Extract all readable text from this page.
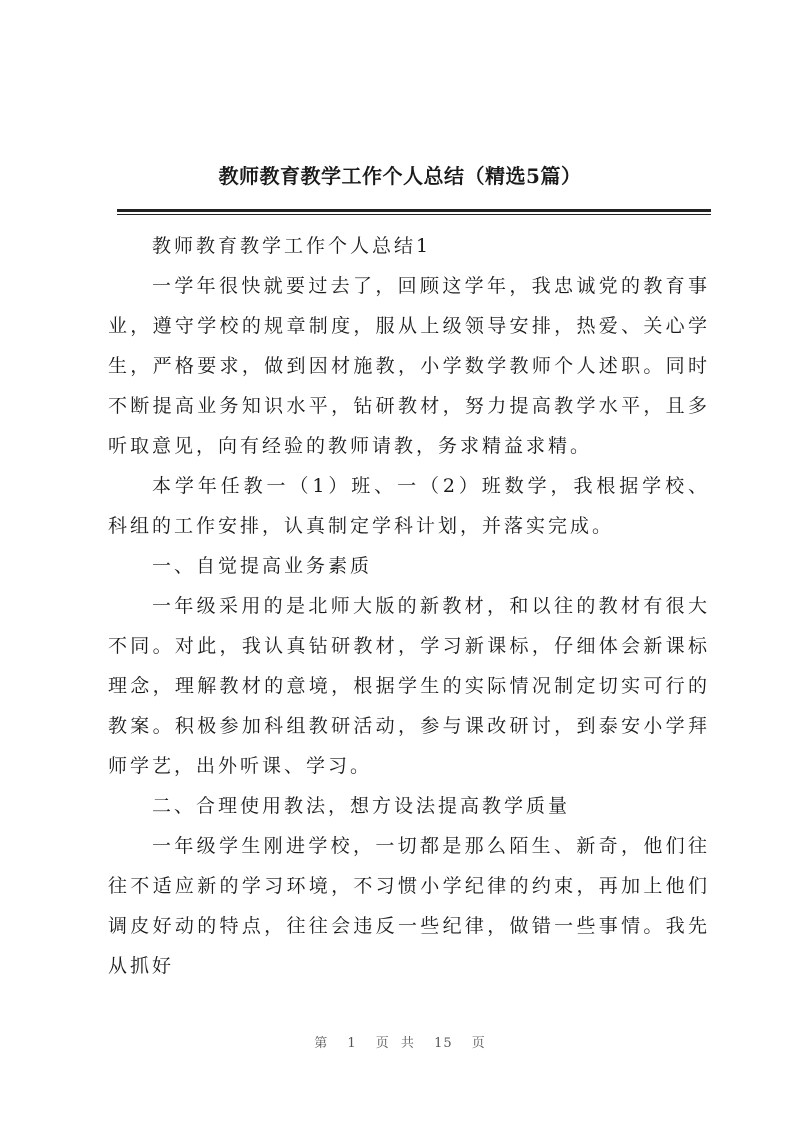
教师教育教学工作个人总结（精选5篇）

教师教育教学工作个人总结1

一学年很快就要过去了，回顾这学年，我忠诚党的教育事业，遵守学校的规章制度，服从上级领导安排，热爱、关心学生，严格要求，做到因材施教，小学数学教师个人述职。同时不断提高业务知识水平，钻研教材，努力提高教学水平，且多听取意见，向有经验的教师请教，务求精益求精。

本学年任教一（1）班、一（2）班数学，我根据学校、科组的工作安排，认真制定学科计划，并落实完成。

一、自觉提高业务素质

一年级采用的是北师大版的新教材，和以往的教材有很大不同。对此，我认真钻研教材，学习新课标，仔细体会新课标理念，理解教材的意境，根据学生的实际情况制定切实可行的教案。积极参加科组教研活动，参与课改研讨，到泰安小学拜师学艺，出外听课、学习。

二、合理使用教法，想方设法提高教学质量

一年级学生刚进学校，一切都是那么陌生、新奇，他们往往不适应新的学习环境，不习惯小学纪律的约束，再加上他们调皮好动的特点，往往会违反一些纪律，做错一些事情。我先从抓好

第 1 页 共 15 页
